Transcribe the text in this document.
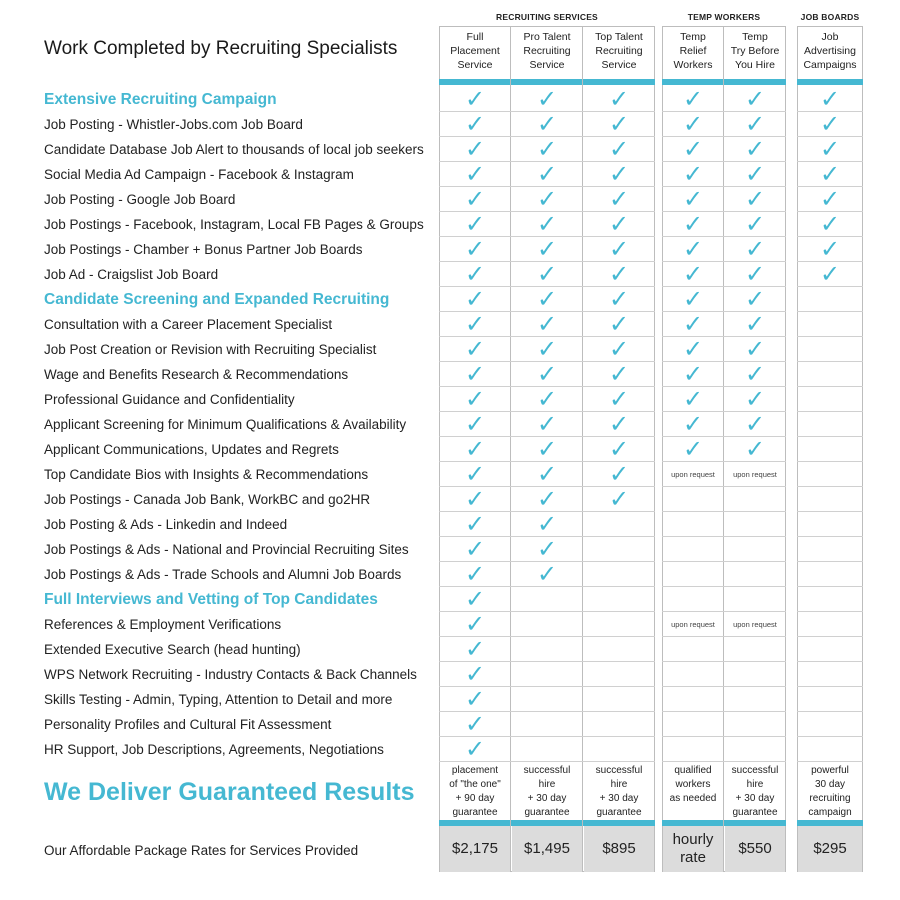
Work Completed by Recruiting Specialists
RECRUITING SERVICES	TEMP WORKERS	JOB BOARDS
Full
Placement
Service
✓
✓
✓
✓
✓
✓
✓
✓
✓
✓
✓
✓
✓
✓
✓
✓
✓
✓
✓
✓
✓
✓
✓
✓
✓
✓
✓
placement
of "the one"
+ 90 day
guarantee
$2,175
Pro Talent
Recruiting
Service
✓
✓
✓
✓
✓
✓
✓
✓
✓
✓
✓
✓
✓
✓
✓
✓
✓
✓
✓
✓
successful
hire
+ 30 day
guarantee
$1,495
Top Talent
Recruiting
Service
✓
✓
✓
✓
✓
✓
✓
✓
✓
✓
✓
✓
✓
✓
✓
✓
✓
successful
hire
+ 30 day
guarantee
$895
Temp
Relief
Workers
✓
✓
✓
✓
✓
✓
✓
✓
✓
✓
✓
✓
✓
✓
✓
upon request
upon request
qualified
workers
as needed
hourly
rate
Temp
Try Before
You Hire
✓
✓
✓
✓
✓
✓
✓
✓
✓
✓
✓
✓
✓
✓
✓
upon request
upon request
successful
hire
+ 30 day
guarantee
$550
Job
Advertising
Campaigns
✓
✓
✓
✓
✓
✓
✓
✓
powerful
30 day
recruiting
campaign
$295
We Deliver Guaranteed Results
Our Affordable Package Rates for Services Provided
Extensive Recruiting Campaign
Job Posting - Whistler-Jobs.com Job Board
Candidate Database Job Alert to thousands of local job seekers
Social Media Ad Campaign - Facebook & Instagram
Job Posting - Google Job Board
Job Postings - Facebook, Instagram, Local FB Pages & Groups
Job Postings - Chamber + Bonus Partner Job Boards
Job Ad - Craigslist Job Board
Candidate Screening and Expanded Recruiting
Consultation with a Career Placement Specialist
Job Post Creation or Revision with Recruiting Specialist
Wage and Benefits Research & Recommendations
Professional Guidance and Confidentiality
Applicant Screening for Minimum Qualifications & Availability
Applicant Communications, Updates and Regrets
Top Candidate Bios with Insights & Recommendations
Job Postings - Canada Job Bank, WorkBC and go2HR
Job Posting & Ads - Linkedin and Indeed
Job Postings & Ads - National and Provincial Recruiting Sites
Job Postings & Ads - Trade Schools and Alumni Job Boards
Full Interviews and Vetting of Top Candidates
References & Employment Verifications
Extended Executive Search (head hunting)
WPS Network Recruiting - Industry Contacts & Back Channels
Skills Testing - Admin, Typing, Attention to Detail and more
Personality Profiles and Cultural Fit Assessment
HR Support, Job Descriptions, Agreements, Negotiations
